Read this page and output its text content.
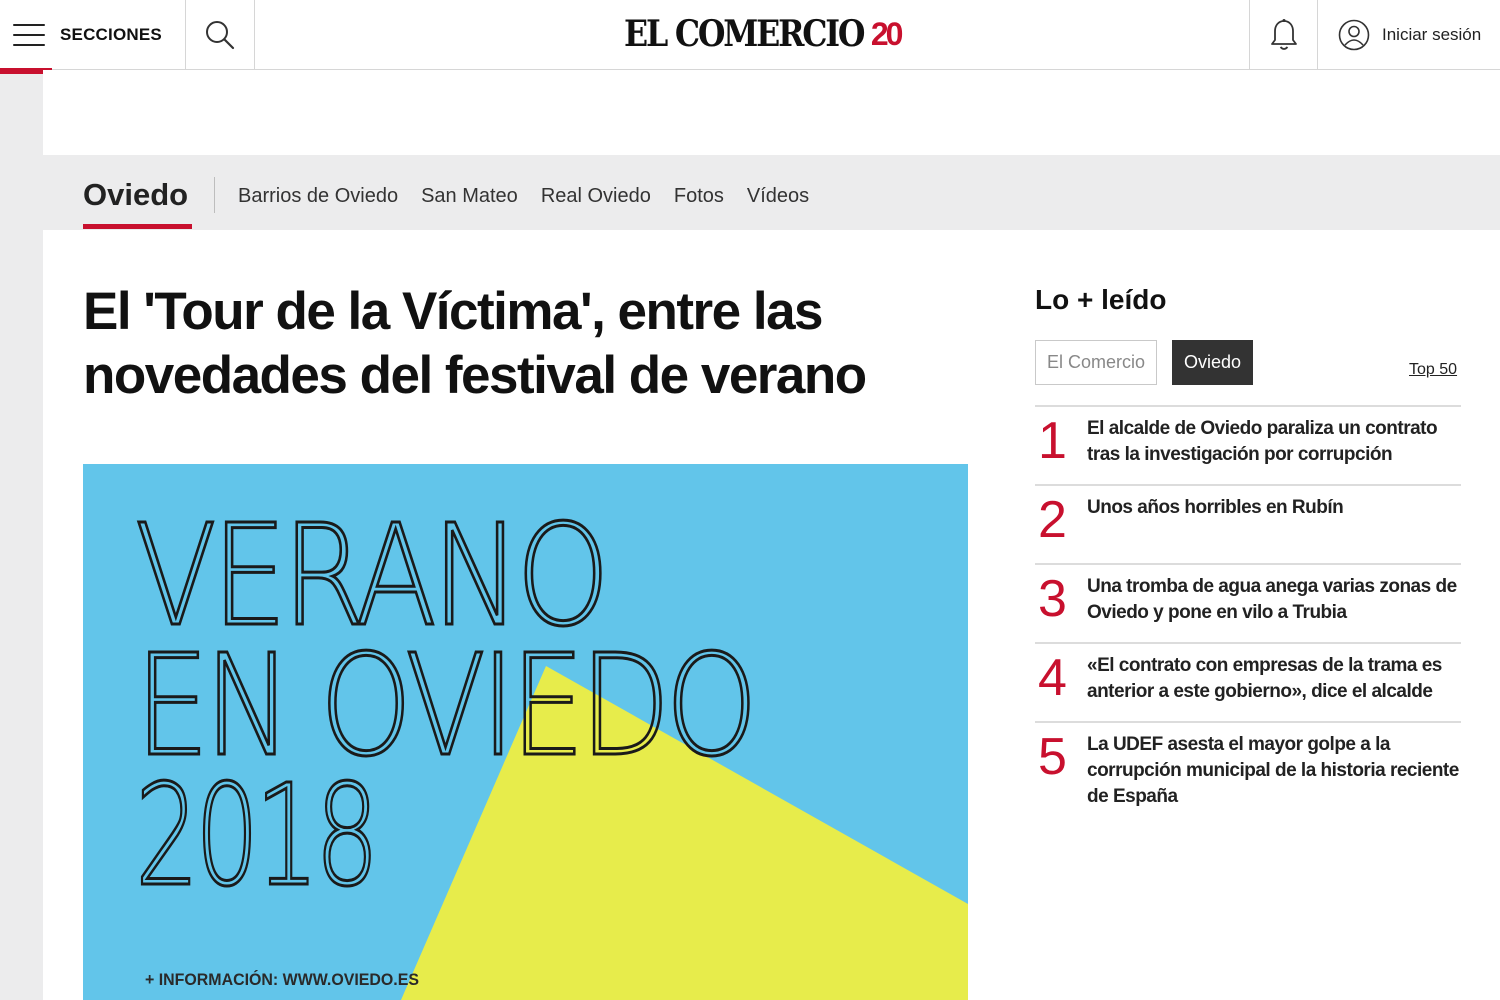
SECCIONES	EL COMERCIO 20	Iniciar sesión
Oviedo Barrios de Oviedo San Mateo Real Oviedo Fotos Vídeos
El 'Tour de la Víctima', entre las novedades del festival de verano
VERANO
EN OVIEDO
2018
+ INFORMACIÓN: WWW.OVIEDO.ES
Lo + leído
El Comercio	Oviedo	Top 50
1 El alcalde de Oviedo paraliza un contrato tras la investigación por corrupción
2 Unos años horribles en Rubín
3 Una tromba de agua anega varias zonas de Oviedo y pone en vilo a Trubia
4 «El contrato con empresas de la trama es anterior a este gobierno», dice el alcalde
5 La UDEF asesta el mayor golpe a la corrupción municipal de la historia reciente de España
